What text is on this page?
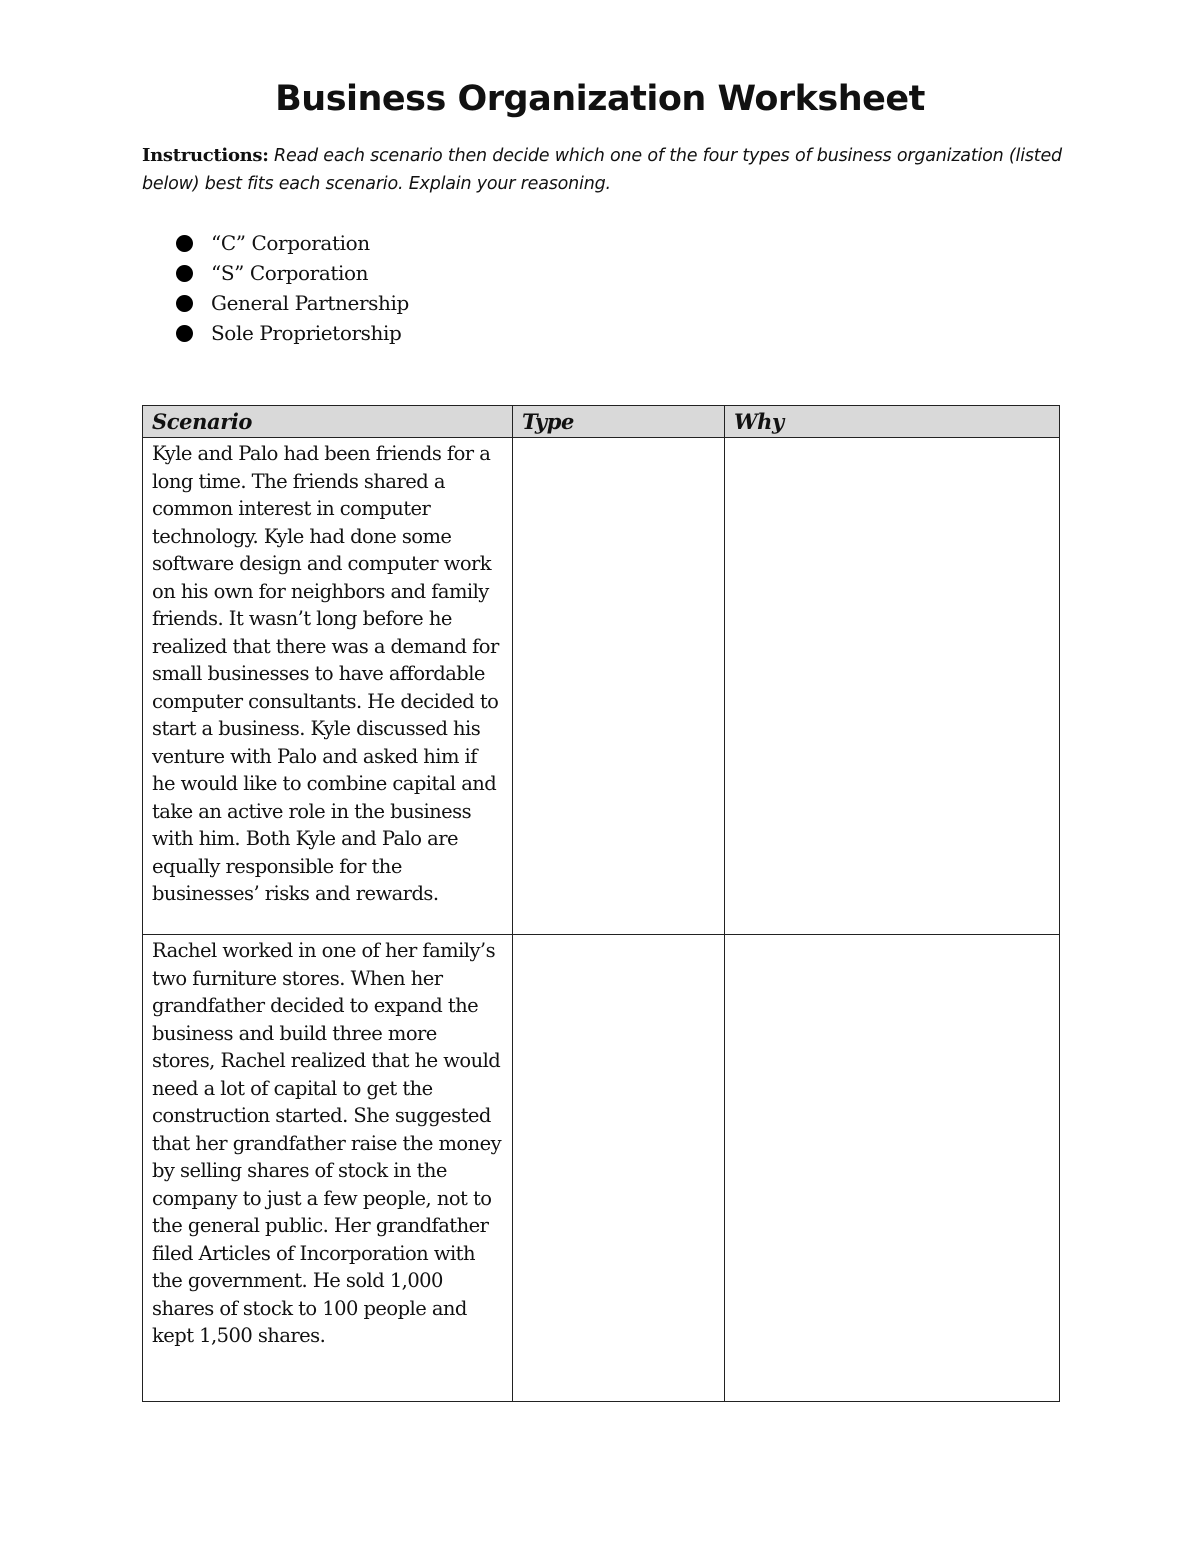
Business Organization Worksheet
Instructions: Read each scenario then decide which one of the four types of business organization (listed below) best fits each scenario. Explain your reasoning.
“C” Corporation
“S” Corporation
General Partnership
Sole Proprietorship
Scenario	Type	Why
Kyle and Palo had been friends for a long time. The friends shared a common interest in computer technology. Kyle had done some software design and computer work on his own for neighbors and family friends. It wasn’t long before he realized that there was a demand for small businesses to have affordable computer consultants. He decided to start a business. Kyle discussed his venture with Palo and asked him if he would like to combine capital and take an active role in the business with him. Both Kyle and Palo are equally responsible for the businesses’ risks and rewards.		
Rachel worked in one of her family’s two furniture stores. When her grandfather decided to expand the business and build three more stores, Rachel realized that he would need a lot of capital to get the construction started. She suggested that her grandfather raise the money by selling shares of stock in the company to just a few people, not to the general public. Her grandfather filed Articles of Incorporation with the government. He sold 1,000 shares of stock to 100 people and kept 1,500 shares.		
